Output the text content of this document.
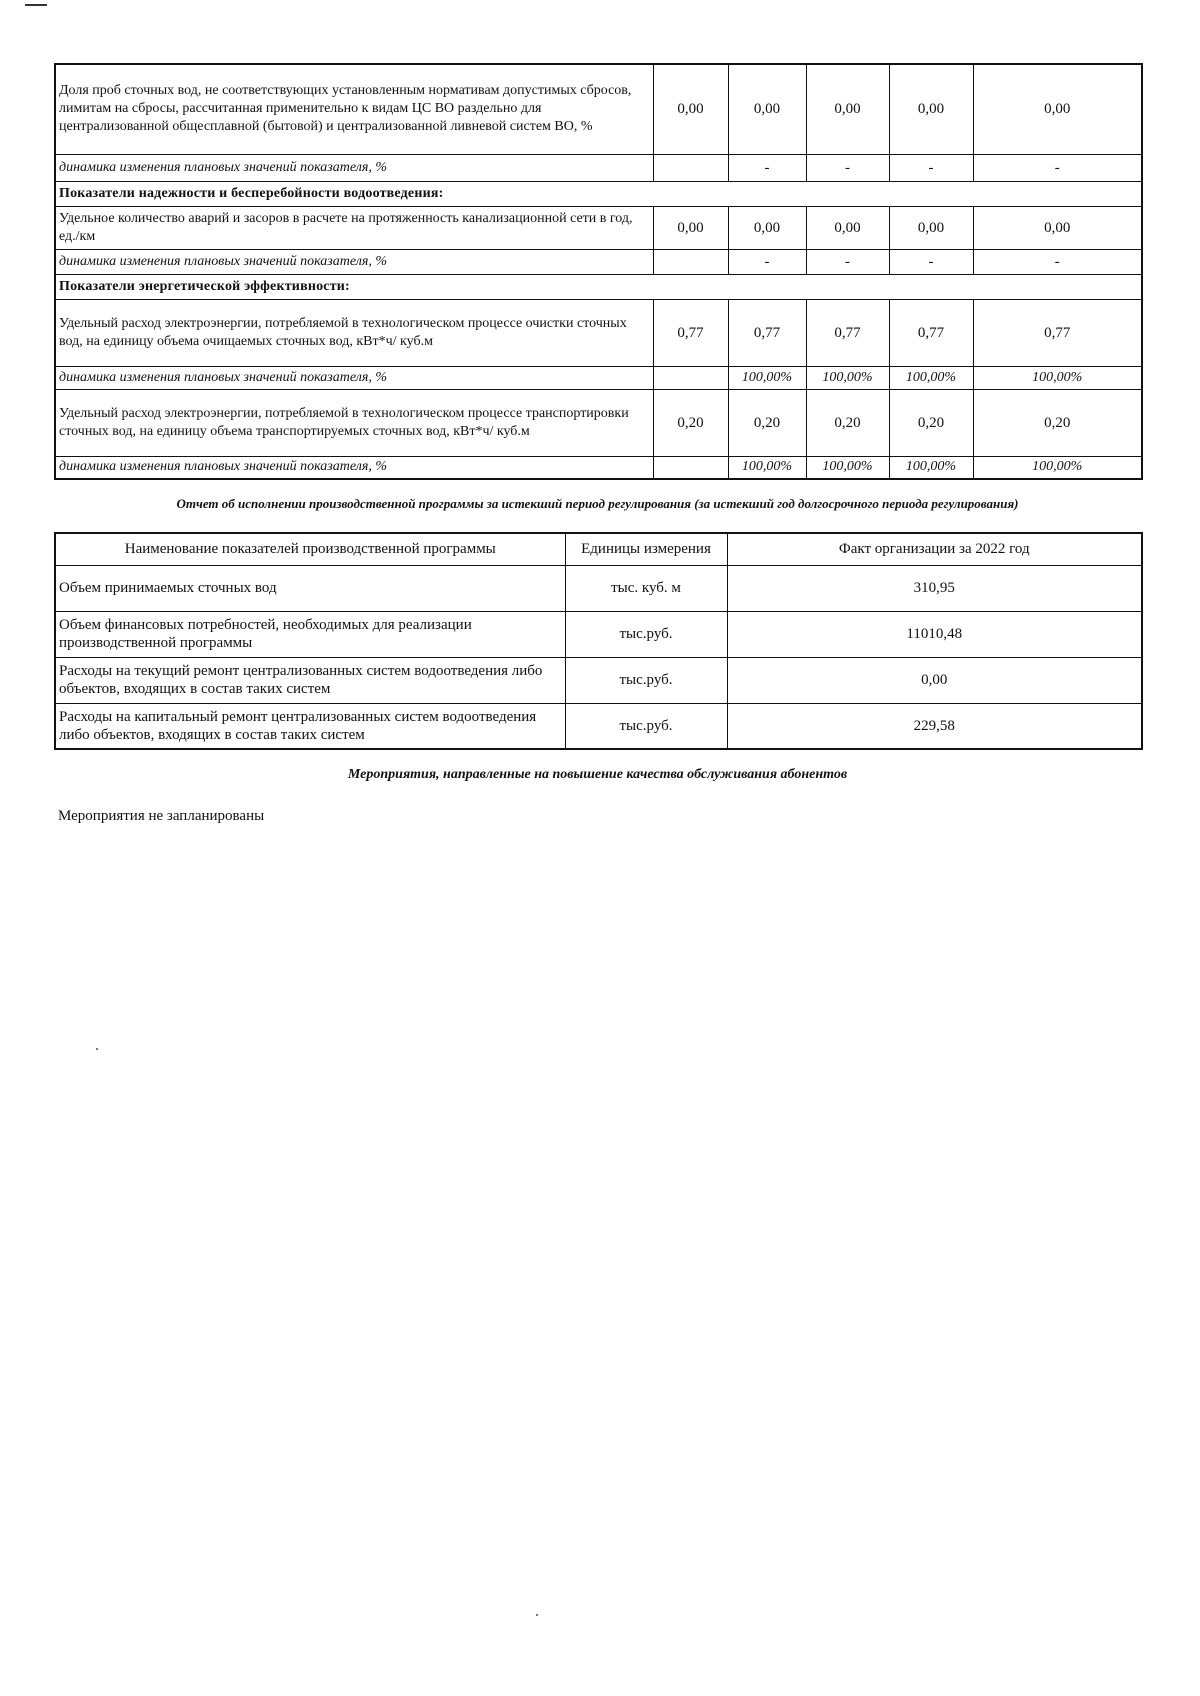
Доля проб сточных вод, не соответствующих установленным нормативам допустимых сбросов, лимитам на сбросы, рассчитанная применительно к видам ЦС ВО раздельно для централизованной общесплавной (бытовой) и централизованной ливневой систем ВО, %	0,00	0,00	0,00	0,00	0,00
динамика изменения плановых значений показателя, %		-	-	-	-
Показатели надежности и бесперебойности водоотведения:					
Удельное количество аварий и засоров в расчете на протяженность канализационной сети в год, ед./км	0,00	0,00	0,00	0,00	0,00
динамика изменения плановых значений показателя, %		-	-	-	-
Показатели энергетической эффективности:					
Удельный расход электроэнергии, потребляемой в технологическом процессе очистки сточных вод, на единицу объема очищаемых сточных вод, кВт*ч/ куб.м	0,77	0,77	0,77	0,77	0,77
динамика изменения плановых значений показателя, %		100,00%	100,00%	100,00%	100,00%
Удельный расход электроэнергии, потребляемой в технологическом процессе транспортировки сточных вод, на единицу объема транспортируемых сточных вод, кВт*ч/ куб.м	0,20	0,20	0,20	0,20	0,20
динамика изменения плановых значений показателя, %		100,00%	100,00%	100,00%	100,00%
Отчет об исполнении производственной программы за истекший период регулирования (за истекший год долгосрочного периода регулирования)
Наименование показателей производственной программы	Единицы измерения	Факт организации за 2022 год
Объем принимаемых сточных вод	тыс. куб. м	310,95
Объем финансовых потребностей, необходимых для реализации производственной программы	тыс.руб.	11010,48
Расходы на текущий ремонт централизованных систем водоотведения либо объектов, входящих в состав таких систем	тыс.руб.	0,00
Расходы на капитальный ремонт централизованных систем водоотведения либо объектов, входящих в состав таких систем	тыс.руб.	229,58
Мероприятия, направленные на повышение качества обслуживания абонентов
Мероприятия не запланированы
